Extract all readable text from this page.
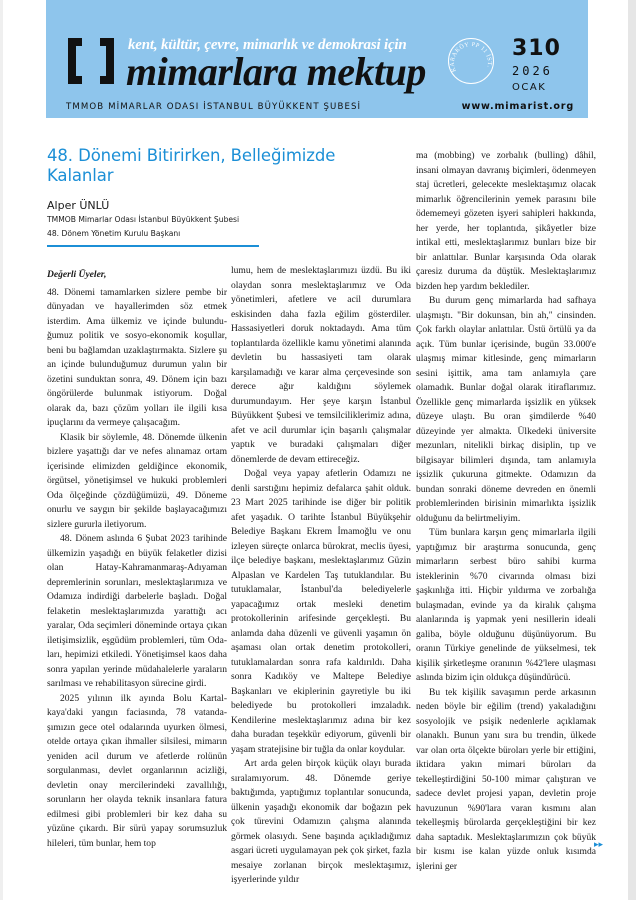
kent, kültür, çevre, mimarlık ve demokrasi için
mimarlara mektup	KARAKÖY PP 11 İST.
310
2026
OCAK
TMMOB MİMARLAR ODASI İSTANBUL BÜYÜKKENT ŞUBESİ	www.mimarist.org
48. Dönemi Bitirirken, Belleğimizde Kalanlar
Alper ÜNLÜ
TMMOB Mimarlar Odası İstanbul Büyükkent Şubesi
48. Dönem Yönetim Kurulu Başkanı

Değerli Üyeler,

48. Dönemi tamamlarken sizlere pembe bir dünyadan ve hayallerimden söz etmek isterdim. Ama ülkemiz ve içinde bulunduğumuz politik ve sosyo-ekonomik koşullar, beni bu bağlamdan uzaklaştırmakta. Sizlere şu an içinde bulunduğumuz durumun yalın bir özetini sunduktan sonra, 49. Dönem için bazı öngörülerde bulunmak istiyorum. Doğal olarak da, bazı çözüm yolları ile ilgili kısa ipuçlarını da vermeye çalışacağım.

Klasik bir söylemle, 48. Dönemde ülkenin bizlere yaşattığı dar ve nefes alınamaz ortam içerisinde elimizden geldiğince ekonomik, örgütsel, yönetişimsel ve hukuki problemleri Oda ölçeğinde çözdüğümüzü, 49. Döneme onurlu ve saygın bir şekilde başlayacağımızı sizlere gururla iletiyorum.

48. Dönem aslında 6 Şubat 2023 tarihinde ülkemizin yaşadığı en büyük felaketler dizisi olan Hatay-Kahramanmaraş-Adıyaman depremlerinin sorunları, meslektaşlarımıza ve Odamıza indirdiği darbelerle başladı. Doğal felaketin meslektaşlarımızda yarattığı acı yaralar, Oda seçimleri döneminde ortaya çıkan iletişimsizlik, eşgüdüm problemleri, tüm Odaları, hepimizi etkiledi. Yönetişimsel kaos daha sonra yapılan yerinde müdahalelerle yaraların sarılması ve rehabilitasyon sürecine girdi.

2025 yılının ilk ayında Bolu Kartalkaya'daki yangın faciasında, 78 vatandaşımızın gece otel odalarında uyurken ölmesi, otelde ortaya çıkan ihmaller silsilesi, mimarın yeniden acil durum ve afetlerde rolünün sorgulanması, devlet organlarının acizliği, devletin onay mercilerindeki zavallılığı, sorunların her olayda teknik insanlara fatura edilmesi gibi problemleri bir kez daha su yüzüne çıkardı. Bir sürü yapay sorumsuzluk hileleri, tüm bunlar, hem top

lumu, hem de meslektaşlarımızı üzdü. Bu iki olaydan sonra meslektaşlarımız ve Oda yönetimleri, afetlere ve acil durumlara eskisinden daha fazla eğilim gösterdiler. Hassasiyetleri doruk noktadaydı. Ama tüm toplantılarda özellikle kamu yönetimi alanında devletin bu hassasiyeti tam olarak karşılamadığı ve karar alma çerçevesinde son derece ağır kaldığını söylemek durumundayım. Her şeye karşın İstanbul Büyükkent Şubesi ve temsilciliklerimiz adına, afet ve acil durumlar için başarılı çalışmalar yaptık ve buradaki çalışmaları diğer dönemlerde de devam ettireceğiz.

Doğal veya yapay afetlerin Odamızı ne denli sarstığını hepimiz defalarca şahit olduk. 23 Mart 2025 tarihinde ise diğer bir politik afet yaşadık. O tarihte İstanbul Büyükşehir Belediye Başkanı Ekrem İmamoğlu ve onu izleyen süreçte onlarca bürokrat, meclis üyesi, ilçe belediye başkanı, meslektaşlarımız Güzin Alpaslan ve Kardelen Taş tutuklandılar. Bu tutuklamalar, İstanbul'da belediyelerle yapacağımız ortak mesleki denetim protokollerinin arifesinde gerçekleşti. Bu anlamda daha düzenli ve güvenli yaşamın ön aşaması olan ortak denetim protokolleri, tutuklamalardan sonra rafa kaldırıldı. Daha sonra Kadıköy ve Maltepe Belediye Başkanları ve ekiplerinin gayretiyle bu iki belediyede bu protokolleri imzaladık. Kendilerine meslektaşlarımız adına bir kez daha buradan teşekkür ediyorum, güvenli bir yaşam stratejisine bir tuğla da onlar koydular.

Art arda gelen birçok küçük olayı burada sıralamıyorum. 48. Dönemde geriye baktığımda, yaptığımız toplantılar sonucunda, ülkenin yaşadığı ekonomik dar boğazın pek çok türevini Odamızın çalışma alanında görmek olasıydı. Sene başında açıkladığımız asgari ücreti uygulamayan pek çok şirket, fazla mesaiye zorlanan birçok meslektaşımız, işyerlerinde yıldır

ma (mobbing) ve zorbalık (bulling) dâhil, insani olmayan davranış biçimleri, ödenmeyen staj ücretleri, gelecekte meslektaşımız olacak mimarlık öğrencilerinin yemek parasını bile ödememeyi gözeten işyeri sahipleri hakkında, her yerde, her toplantıda, şikâyetler bize intikal etti, meslektaşlarımız bunları bize bir bir anlattılar. Bunlar karşısında Oda olarak çaresiz duruma da düştük. Meslektaşlarımız bizden hep yardım beklediler.

Bu durum genç mimarlarda had safhaya ulaşmıştı. "Bir dokunsan, bin ah," cinsinden. Çok farklı olaylar anlattılar. Üstü örtülü ya da açık. Tüm bunlar içerisinde, bugün 33.000'e ulaşmış mimar kitlesinde, genç mimarların sesini işittik, ama tam anlamıyla çare olamadık. Bunlar doğal olarak itiraflarımız. Özellikle genç mimarlarda işsizlik en yüksek düzeye ulaştı. Bu oran şimdilerde %40 düzeyinde yer almakta. Ülkedeki üniversite mezunları, nitelikli birkaç disiplin, tıp ve bilgisayar bilimleri dışında, tam anlamıyla işsizlik çukuruna gitmekte. Odamızın da bundan sonraki döneme devreden en önemli problemlerinden birisinin mimarlıkta işsizlik olduğunu da belirtmeliyim.

Tüm bunlara karşın genç mimarlarla ilgili yaptığımız bir araştırma sonucunda, genç mimarların serbest büro sahibi kurma isteklerinin %70 civarında olması bizi şaşkınlığa itti. Hiçbir yıldırma ve zorbalığa bulaşmadan, evinde ya da kiralık çalışma alanlarında iş yapmak yeni nesillerin ideali galiba, böyle olduğunu düşünüyorum. Bu oranın Türkiye genelinde de yükselmesi, tek kişilik şirketleşme oranının %42'lere ulaşması aslında bizim için oldukça düşündürücü.

Bu tek kişilik savaşımın perde arkasının neden böyle bir eğilim (trend) yakaladığını sosyolojik ve psişik nedenlerle açıklamak olanaklı. Bunun yanı sıra bu trendin, ülkede var olan orta ölçekte büroları yerle bir ettiğini, iktidara yakın mimari büroları da tekelleştirdiğini 50-100 mimar çalıştıran ve sadece devlet projesi yapan, devletin proje havuzunun %90'lara varan kısmını alan tekelleşmiş bürolarda gerçekleştiğini bir kez daha saptadık. Meslektaşlarımızın çok büyük bir kısmı ise kalan yüzde onluk kısımda işlerini ger

▸▸
